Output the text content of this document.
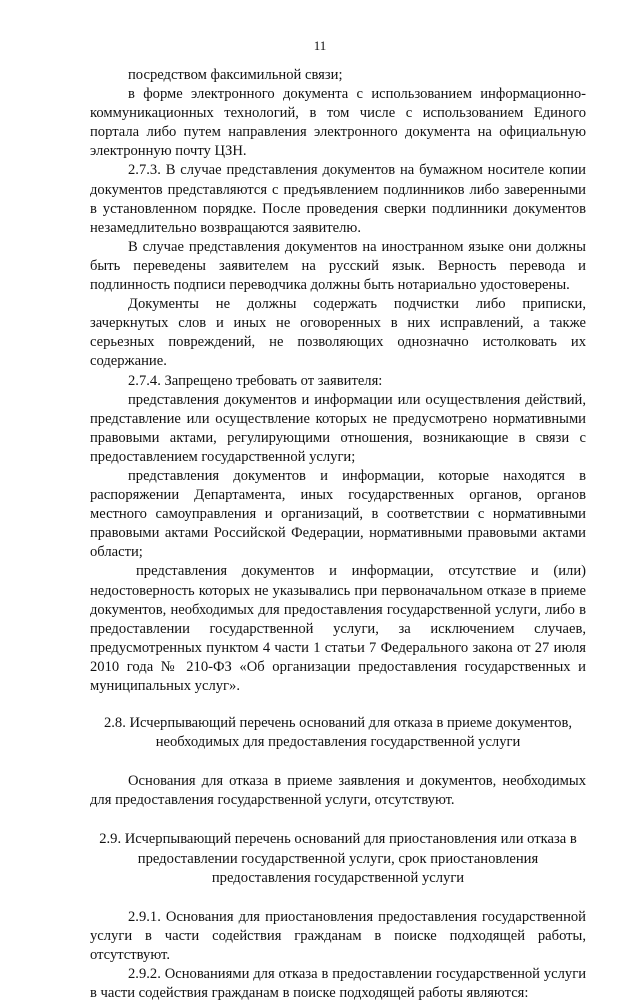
11

посредством факсимильной связи;

в форме электронного документа с использованием информационно-коммуникационных технологий, в том числе с использованием Единого портала либо путем направления электронного документа на официальную электронную почту ЦЗН.

2.7.3. В случае представления документов на бумажном носителе копии документов представляются с предъявлением подлинников либо заверенными в установленном порядке. После проведения сверки подлинники документов незамедлительно возвращаются заявителю.

В случае представления документов на иностранном языке они должны быть переведены заявителем на русский язык. Верность перевода и подлинность подписи переводчика должны быть нотариально удостоверены.

Документы не должны содержать подчистки либо приписки, зачеркнутых слов и иных не оговоренных в них исправлений, а также серьезных повреждений, не позволяющих однозначно истолковать их содержание.

2.7.4. Запрещено требовать от заявителя:

представления документов и информации или осуществления действий, представление или осуществление которых не предусмотрено нормативными правовыми актами, регулирующими отношения, возникающие в связи с предоставлением государственной услуги;

представления документов и информации, которые находятся в распоряжении Департамента, иных государственных органов, органов местного самоуправления и организаций, в соответствии с нормативными правовыми актами Российской Федерации, нормативными правовыми актами области;

представления документов и информации, отсутствие и (или) недостоверность которых не указывались при первоначальном отказе в приеме документов, необходимых для предоставления государственной услуги, либо в предоставлении государственной услуги, за исключением случаев, предусмотренных пунктом 4 части 1 статьи 7 Федерального закона от 27 июля 2010 года № 210-ФЗ «Об организации предоставления государственных и муниципальных услуг».

2.8. Исчерпывающий перечень оснований для отказа в приеме документов, необходимых для предоставления государственной услуги

Основания для отказа в приеме заявления и документов, необходимых для предоставления государственной услуги, отсутствуют.

2.9. Исчерпывающий перечень оснований для приостановления или отказа в предоставлении государственной услуги, срок приостановления предоставления государственной услуги

2.9.1. Основания для приостановления предоставления государственной услуги в части содействия гражданам в поиске подходящей работы, отсутствуют.

2.9.2. Основаниями для отказа в предоставлении государственной услуги в части содействия гражданам в поиске подходящей работы являются:
